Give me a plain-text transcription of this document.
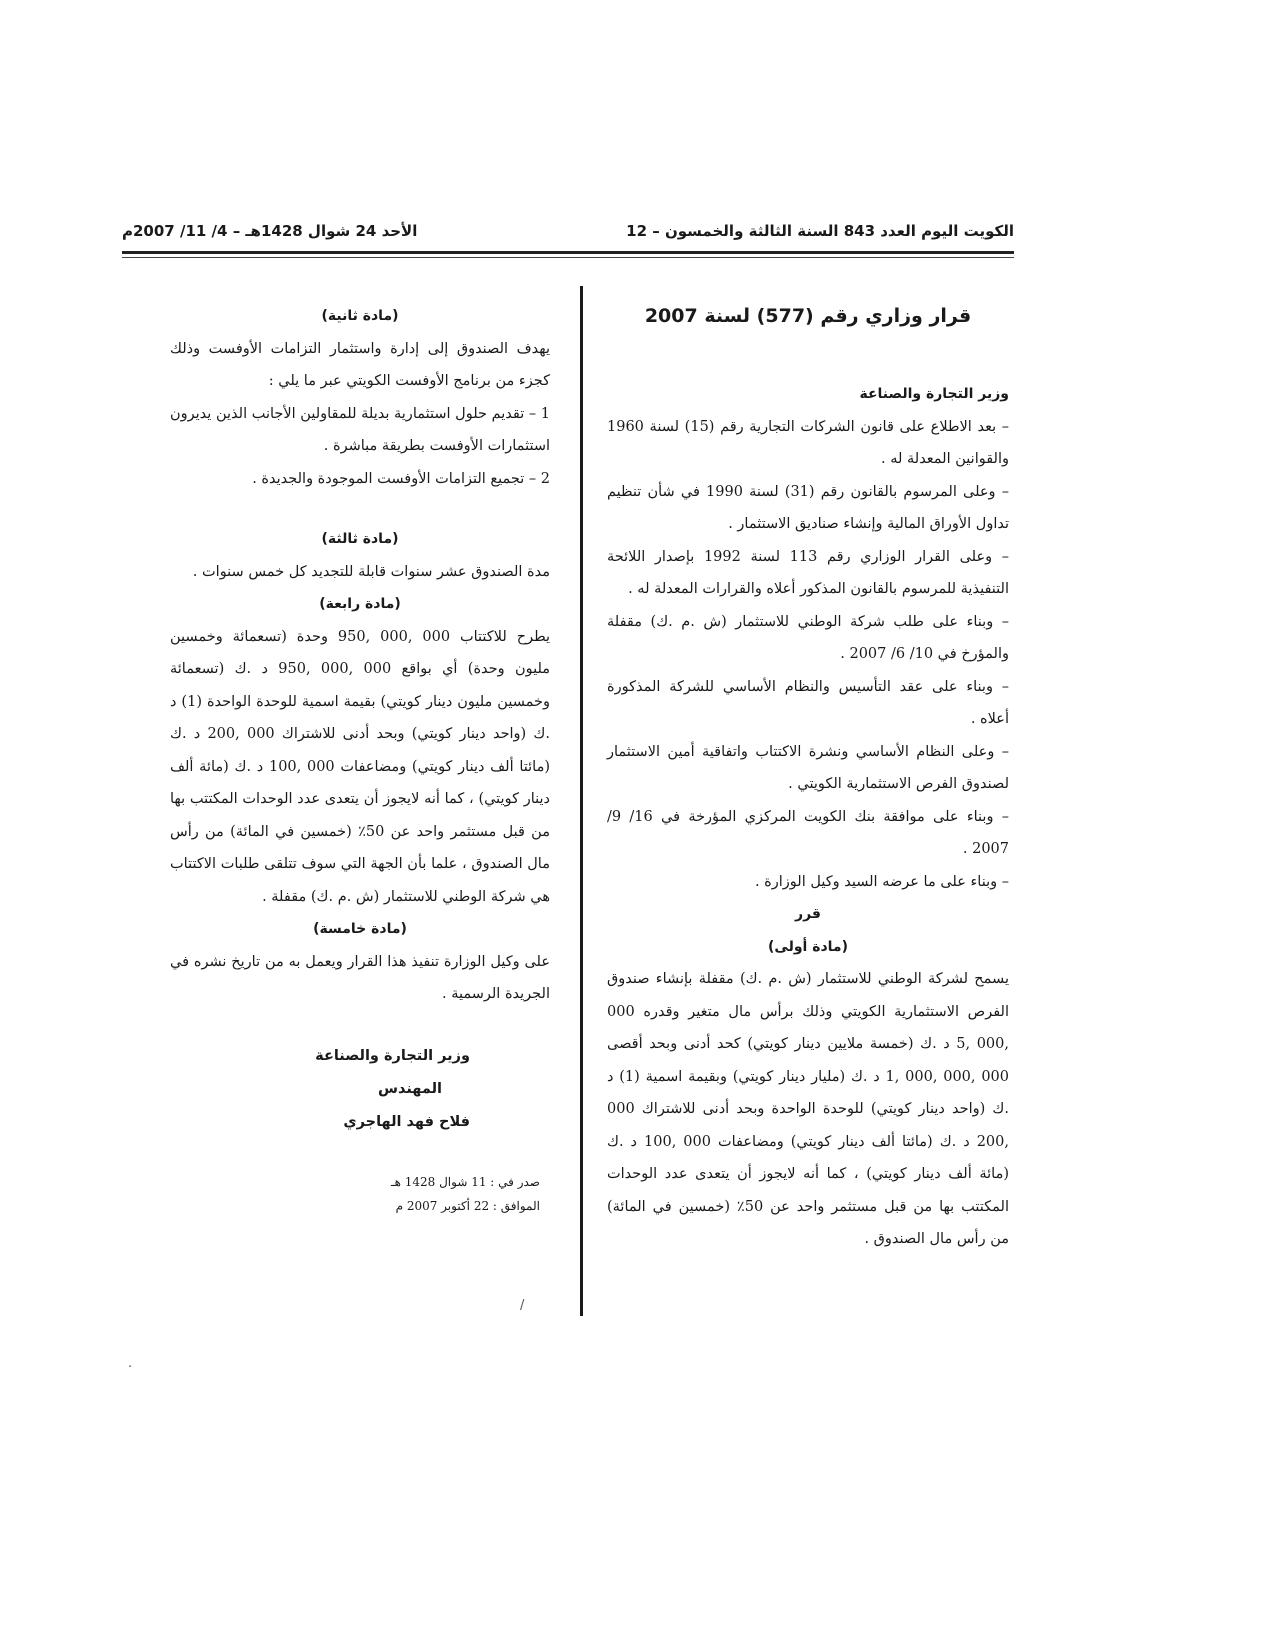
الكويت اليوم العدد 843 السنة الثالثة والخمسون – 12
الأحد 24 شوال 1428هـ – 4/ 11/ 2007م

قرار وزاري رقم (577) لسنة 2007

وزير التجارة والصناعة

– بعد الاطلاع على قانون الشركات التجارية رقم (15) لسنة 1960 والقوانين المعدلة له .

– وعلى المرسوم بالقانون رقم (31) لسنة 1990 في شأن تنظيم تداول الأوراق المالية وإنشاء صناديق الاستثمار .

– وعلى القرار الوزاري رقم 113 لسنة 1992 بإصدار اللائحة التنفيذية للمرسوم بالقانون المذكور أعلاه والقرارات المعدلة له .

– وبناء على طلب شركة الوطني للاستثمار (ش .م .ك) مقفلة والمؤرخ في 10/ 6/ 2007 .

– وبناء على عقد التأسيس والنظام الأساسي للشركة المذكورة أعلاه .

– وعلى النظام الأساسي ونشرة الاكتتاب واتفاقية أمين الاستثمار لصندوق الفرص الاستثمارية الكويتي .

– وبناء على موافقة بنك الكويت المركزي المؤرخة في 16/ 9/ 2007 .

– وبناء على ما عرضه السيد وكيل الوزارة .

قرر

(مادة أولى)

يسمح لشركة الوطني للاستثمار (ش .م .ك) مقفلة بإنشاء صندوق الفرص الاستثمارية الكويتي وذلك برأس مال متغير وقدره 000 ,000 ,5 د .ك (خمسة ملايين دينار كويتي) كحد أدنى وبحد أقصى 000 ,000 ,000 ,1 د .ك (مليار دينار كويتي) وبقيمة اسمية (1) د .ك (واحد دينار كويتي) للوحدة الواحدة وبحد أدنى للاشتراك 000 ,200 د .ك (مائتا ألف دينار كويتي) ومضاعفات 000 ,100 د .ك (مائة ألف دينار كويتي) ، كما أنه لايجوز أن يتعدى عدد الوحدات المكتتب بها من قبل مستثمر واحد عن 50٪ (خمسين في المائة) من رأس مال الصندوق .

(مادة ثانية)

يهدف الصندوق إلى إدارة واستثمار التزامات الأوفست وذلك كجزء من برنامج الأوفست الكويتي عبر ما يلي :

1 – تقديم حلول استثمارية بديلة للمقاولين الأجانب الذين يديرون استثمارات الأوفست بطريقة مباشرة .

2 – تجميع التزامات الأوفست الموجودة والجديدة .

(مادة ثالثة)

مدة الصندوق عشر سنوات قابلة للتجديد كل خمس سنوات .

(مادة رابعة)

يطرح للاكتتاب 000 ,000 ,950 وحدة (تسعمائة وخمسين مليون وحدة) أي بواقع 000 ,000 ,950 د .ك (تسعمائة وخمسين مليون دينار كويتي) بقيمة اسمية للوحدة الواحدة (1) د .ك (واحد دينار كويتي) وبحد أدنى للاشتراك 000 ,200 د .ك (مائتا ألف دينار كويتي) ومضاعفات 000 ,100 د .ك (مائة ألف دينار كويتي) ، كما أنه لايجوز أن يتعدى عدد الوحدات المكتتب بها من قبل مستثمر واحد عن 50٪ (خمسين في المائة) من رأس مال الصندوق ، علما بأن الجهة التي سوف تتلقى طلبات الاكتتاب هي شركة الوطني للاستثمار (ش .م .ك) مقفلة .

(مادة خامسة)

على وكيل الوزارة تنفيذ هذا القرار ويعمل به من تاريخ نشره في الجريدة الرسمية .

وزير التجارة والصناعة

المهندس

فلاح فهد الهاجري

صدر في : 11 شوال 1428 هـ

الموافق : 22 أكتوبر 2007 م

/
·
